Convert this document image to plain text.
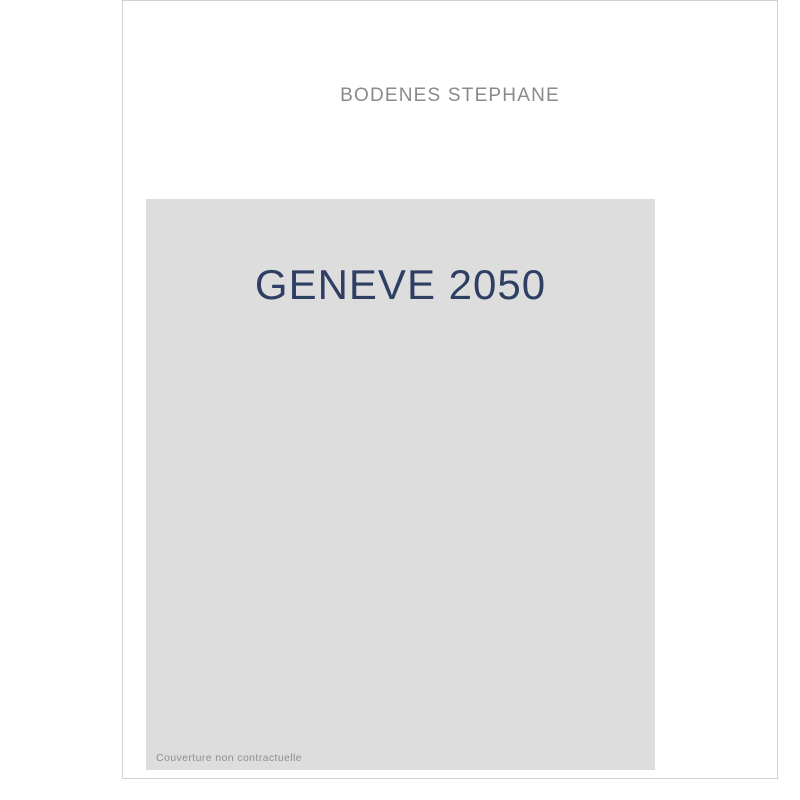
BODENES STEPHANE
GENEVE 2050
Couverture non contractuelle
